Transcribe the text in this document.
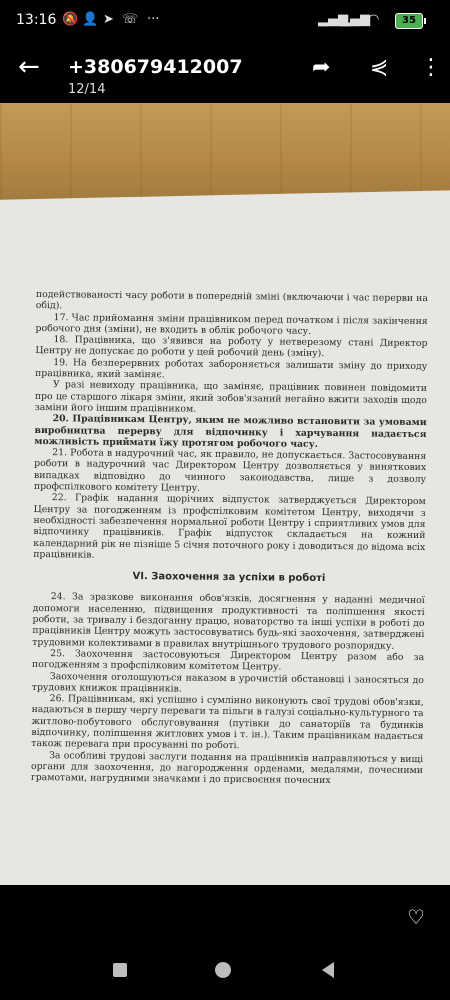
13:16 🔕 👤 ➤ ☏ ···	▂▄▆
▂▄▆
◠	35
← +380679412007
12/14
➦ ⋞ ⋮

подействованості часу роботи в попередній зміні (включаючи і час перерви на обід).

17. Час прийомання зміни працівником перед початком і після закінчення робочого дня (зміни), не входить в облік робочого часу.

18. Працівника, що з'явився на роботу у нетверезому стані Директор Центру не допускає до роботи у цей робочий день (зміну).

19. На безперервних роботах забороняється залишати зміну до приходу працівника, який заміняє.

У разі невиходу працівника, що заміняє, працівник повинен повідомити про це старшого лікаря зміни, який зобов'язаний негайно вжити заходів щодо заміни його іншим працівником.

20. Працівникам Центру, яким не можливо встановити за умовами виробництва перерву для відпочинку і харчування надається можливість приймати їжу протягом робочого часу.

21. Робота в надурочний час, як правило, не допускається. Застосовування роботи в надурочний час Директором Центру дозволяється у виняткових випадках відповідно до чинного законодавства, лише з дозволу профспілкового комітету Центру.

22. Графік надання щорічних відпусток затверджується Директором Центру за погодженням із профспілковим комітетом Центру, виходячи з необхідності забезпечення нормальної роботи Центру і сприятливих умов для відпочинку працівників. Графік відпусток складається на кожний календарний рік не пізніше 5 січня поточного року і доводиться до відома всіх працівників.

VI. Заохочення за успіхи в роботі

24. За зразкове виконання обов'язків, досягнення у наданні медичної допомоги населенню, підвищення продуктивності та поліпшення якості роботи, за тривалу і бездоганну працю, новаторство та інші успіхи в роботі до працівників Центру можуть застосовуватись будь-які заохочення, затверджені трудовими колективами в правилах внутрішнього трудового розпорядку.

25. Заохочення застосовуються Директором Центру разом або за погодженням з профспілковим комітетом Центру.

Заохочення оголошуються наказом в урочистій обстановці і заносяться до трудових книжок працівників.

26. Працівникам, які успішно і сумлінно виконують свої трудові обов'язки, надаються в першу чергу переваги та пільги в галузі соціально-культурного та житлово-побутового обслуговування (путівки до санаторіїв та будинків відпочинку, поліпшення житлових умов і т. ін.). Таким працівникам надається також перевага при просуванні по роботі.

За особливі трудові заслуги подання на працівників направляються у вищі органи для заохочення, до нагородження орденами, медалями, почесними грамотами, нагрудними значками і до присвоєння почесних

♡
